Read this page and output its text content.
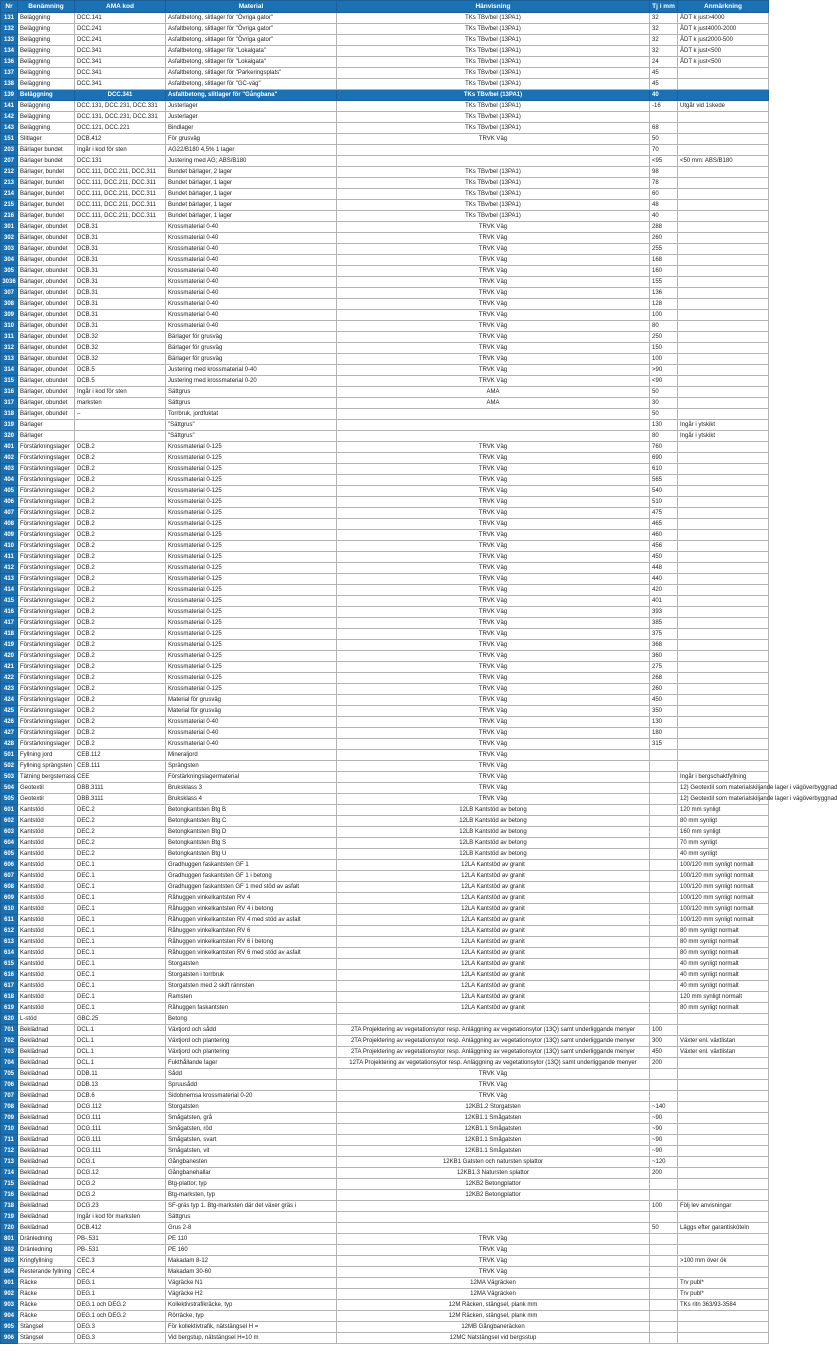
Nr	Benämning	AMA kod	Material	Hänvisning	Tj i mm	Anmärkning
131	Beläggning	DCC.141	Asfaltbetong, slitlager för "Övriga gator"	TKs TBv/bel (13PA1)	32	ÅDT k just>4000
132	Beläggning	DCC.241	Asfaltbetong, slitlager för "Övriga gator"	TKs TBv/bel (13PA1)	32	ÅDT k just4000-2000
133	Beläggning	DCC.241	Asfaltbetong, slitlager för "Övriga gator"	TKs TBv/bel (13PA1)	32	ÅDT k just2000-500
134	Beläggning	DCC.341	Asfaltbetong, slitlager för "Lokalgata"	TKs TBv/bel (13PA1)	32	ÅDT k just<500
136	Beläggning	DCC.341	Asfaltbetong, slitlager för "Lokalgata"	TKs TBv/bel (13PA1)	24	ÅDT k just<500
137	Beläggning	DCC.341	Asfaltbetong, slitlager för "Parkeringsplats"	TKs TBv/bel (13PA1)	45	
138	Beläggning	DCC.341	Asfaltbetong, slitlager för "GC-väg"	TKs TBv/bel (13PA1)	45	
139	Beläggning	DCC.341	Asfaltbetong, slitlager för "Gångbana"	TKs TBv/bel (13PA1)	40	
141	Beläggning	DCC.131, DCC.231, DCC.331	Justerlager	TKs TBv/bel (13PA1)	-16	Utgår vid 1skede
142	Beläggning	DCC.131, DCC.231, DCC.331	Justerlager	TKs TBv/bel (13PA1)		
143	Beläggning	DCC.121, DCC.221	Bindlager	TKs TBv/bel (13PA1)	68	
151	Slitlager	DCB.412	För grusväg	TRVK Väg	50	
203	Bärlager bundet	Ingår i kod för sten	AG22/B180 4,5% 1 lager		70	
207	Bärlager bundet	DCC.131	Justering med AG; ABS/B180		<95	<50 mm: ABS/B180
212	Bärlager, bundet	DCC.111, DCC.211, DCC.311	Bundet bärlager, 2 lager	TKs TBv/bel (13PA1)	98	
213	Bärlager, bundet	DCC.111, DCC.211, DCC.311	Bundet bärlager, 1 lager	TKs TBv/bel (13PA1)	78	
214	Bärlager, bundet	DCC.111, DCC.211, DCC.311	Bundet bärlager, 1 lager	TKs TBv/bel (13PA1)	60	
215	Bärlager, bundet	DCC.111, DCC.211, DCC.311	Bundet bärlager, 1 lager	TKs TBv/bel (13PA1)	48	
216	Bärlager, bundet	DCC.111, DCC.211, DCC.311	Bundet bärlager, 1 lager	TKs TBv/bel (13PA1)	40	
301	Bärlager, obundet	DCB.31	Krossmaterial 0-40	TRVK Väg	288	
302	Bärlager, obundet	DCB.31	Krossmaterial 0-40	TRVK Väg	260	
303	Bärlager, obundet	DCB.31	Krossmaterial 0-40	TRVK Väg	255	
304	Bärlager, obundet	DCB.31	Krossmaterial 0-40	TRVK Väg	168	
305	Bärlager, obundet	DCB.31	Krossmaterial 0-40	TRVK Väg	160	
3036	Bärlager, obundet	DCB.31	Krossmaterial 0-40	TRVK Väg	155	
307	Bärlager, obundet	DCB.31	Krossmaterial 0-40	TRVK Väg	136	
308	Bärlager, obundet	DCB.31	Krossmaterial 0-40	TRVK Väg	128	
309	Bärlager, obundet	DCB.31	Krossmaterial 0-40	TRVK Väg	100	
310	Bärlager, obundet	DCB.31	Krossmaterial 0-40	TRVK Väg	80	
311	Bärlager, obundet	DCB.32	Bärlager för grusväg	TRVK Väg	250	
312	Bärlager, obundet	DCB.32	Bärlager för grusväg	TRVK Väg	150	
313	Bärlager, obundet	DCB.32	Bärlager för grusväg	TRVK Väg	100	
314	Bärlager, obundet	DCB.5	Justering med krossmaterial 0-40	TRVK Väg	>90	
315	Bärlager, obundet	DCB.5	Justering med krossmaterial 0-20	TRVK Väg	<90	
316	Bärlager, obundet	Ingår i kod för sten	Sättgrus	AMA	50	
317	Bärlager, obundet	marksten	Sättgrus	AMA	30	
318	Bärlager, obundet	–	Torrbruk, jordfuktat		50	
319	Bärlager		"Sättgrus"		130	Ingår i ytskikt
320	Bärlager		"Sättgrus"		80	Ingår i ytskikt
401	Förstärkningslager	DCB.2	Krossmaterial 0-125	TRVK Väg	760	
402	Förstärkningslager	DCB.2	Krossmaterial 0-125	TRVK Väg	690	
403	Förstärkningslager	DCB.2	Krossmaterial 0-125	TRVK Väg	610	
404	Förstärkningslager	DCB.2	Krossmaterial 0-125	TRVK Väg	565	
405	Förstärkningslager	DCB.2	Krossmaterial 0-125	TRVK Väg	540	
406	Förstärkningslager	DCB.2	Krossmaterial 0-125	TRVK Väg	510	
407	Förstärkningslager	DCB.2	Krossmaterial 0-125	TRVK Väg	475	
408	Förstärkningslager	DCB.2	Krossmaterial 0-125	TRVK Väg	465	
409	Förstärkningslager	DCB.2	Krossmaterial 0-125	TRVK Väg	460	
410	Förstärkningslager	DCB.2	Krossmaterial 0-125	TRVK Väg	456	
411	Förstärkningslager	DCB.2	Krossmaterial 0-125	TRVK Väg	450	
412	Förstärkningslager	DCB.2	Krossmaterial 0-125	TRVK Väg	448	
413	Förstärkningslager	DCB.2	Krossmaterial 0-125	TRVK Väg	440	
414	Förstärkningslager	DCB.2	Krossmaterial 0-125	TRVK Väg	420	
415	Förstärkningslager	DCB.2	Krossmaterial 0-125	TRVK Väg	401	
416	Förstärkningslager	DCB.2	Krossmaterial 0-125	TRVK Väg	393	
417	Förstärkningslager	DCB.2	Krossmaterial 0-125	TRVK Väg	385	
418	Förstärkningslager	DCB.2	Krossmaterial 0-125	TRVK Väg	375	
419	Förstärkningslager	DCB.2	Krossmaterial 0-125	TRVK Väg	368	
420	Förstärkningslager	DCB.2	Krossmaterial 0-125	TRVK Väg	360	
421	Förstärkningslager	DCB.2	Krossmaterial 0-125	TRVK Väg	275	
422	Förstärkningslager	DCB.2	Krossmaterial 0-125	TRVK Väg	268	
423	Förstärkningslager	DCB.2	Krossmaterial 0-125	TRVK Väg	260	
424	Förstärkningslager	DCB.2	Material för grusväg	TRVK Väg	450	
425	Förstärkningslager	DCB.2	Material för grusväg	TRVK Väg	350	
426	Förstärkningslager	DCB.2	Krossmaterial 0-40	TRVK Väg	130	
427	Förstärkningslager	DCB.2	Krossmaterial 0-40	TRVK Väg	180	
428	Förstärkningslager	DCB.2	Krossmaterial 0-40	TRVK Väg	315	
501	Fyllning jord	CEB.112	Mineraljord	TRVK Väg		
502	Fyllning sprängsten	CEB.111	Sprängsten	TRVK Väg		
503	Tätning bergsterrass	CEE	Förstärkningslagermaterial	TRVK Väg		Ingår i bergschaktfyllning
504	Geotextil	DBB.3111	Bruksklass 3	TRVK Väg		12) Geotextil som materialskiljande lager i vägöverbyggnad
505	Geotextil	DBB.3111	Bruksklass 4	TRVK Väg		12) Geotextil som materialskiljande lager i vägöverbyggnad
601	Kantstöd	DEC.2	Betongkantsten Btg B	12LB Kantstöd av betong		120 mm synligt
602	Kantstöd	DEC.2	Betongkantsten Btg C	12LB Kantstöd av betong		80 mm synligt
603	Kantstöd	DEC.2	Betongkantsten Btg D	12LB Kantstöd av betong		160 mm synligt
604	Kantstöd	DEC.2	Betongkantsten Btg S	12LB Kantstöd av betong		70 mm synligt
605	Kantstöd	DEC.2	Betongkantsten Btg U	12LB Kantstöd av betong		40 mm synligt
606	Kantstöd	DEC.1	Gradhuggen faskantsten GF 1	12LA Kantstöd av granit		100/120 mm synligt normalt
607	Kantstöd	DEC.1	Gradhuggen faskantsten GF 1 i betong	12LA Kantstöd av granit		100/120 mm synligt normalt
608	Kantstöd	DEC.1	Gradhuggen faskantsten GF 1 med stöd av asfalt	12LA Kantstöd av granit		100/120 mm synligt normalt
609	Kantstöd	DEC.1	Råhuggen vinkelkantsten RV 4	12LA Kantstöd av granit		100/120 mm synligt normalt
610	Kantstöd	DEC.1	Råhuggen vinkelkantsten RV 4 i betong	12LA Kantstöd av granit		100/120 mm synligt normalt
611	Kantstöd	DEC.1	Råhuggen vinkelkantsten RV 4 med stöd av asfalt	12LA Kantstöd av granit		100/120 mm synligt normalt
612	Kantstöd	DEC.1	Råhuggen vinkelkantsten RV 6	12LA Kantstöd av granit		80 mm synligt normalt
613	Kantstöd	DEC.1	Råhuggen vinkelkantsten RV 6 i betong	12LA Kantstöd av granit		80 mm synligt normalt
614	Kantstöd	DEC.1	Råhuggen vinkelkantsten RV 6 med stöd av asfalt	12LA Kantstöd av granit		80 mm synligt normalt
615	Kantstöd	DEC.1	Storgatsten	12LA Kantstöd av granit		40 mm synligt normalt
616	Kantstöd	DEC.1	Storgatsten i torrbruk	12LA Kantstöd av granit		40 mm synligt normalt
617	Kantstöd	DEC.1	Storgatsten med 2 skift rännsten	12LA Kantstöd av granit		40 mm synligt normalt
618	Kantstöd	DEC.1	Ramsten	12LA Kantstöd av granit		120 mm synligt normalt
619	Kantstöd	DEC.1	Råhuggen faskantsten	12LA Kantstöd av granit		80 mm synligt normalt
620	L-stöd	GBC.25	Betong			
701	Beklädnad	DCL.1	Växtjord och sådd	2TA Projektering av vegetationsytor resp. Anläggning av vegetationsytor (13Q) samt underliggande menyer	100	
702	Beklädnad	DCL.1	Växtjord och plantering	2TA Projektering av vegetationsytor resp. Anläggning av vegetationsytor (13Q) samt underliggande menyer	300	Växter enl. växtlistan
703	Beklädnad	DCL.1	Växtjord och plantering	2TA Projektering av vegetationsytor resp. Anläggning av vegetationsytor (13Q) samt underliggande menyer	450	Växter enl. växtlistan
704	Beklädnad	DCL.1	Fukthållande lager	12TA Projektering av vegetationsytor resp. Anläggning av vegetationsytor (13Q) samt underliggande menyer	200	
705	Beklädnad	DDB.11	Sådd	TRVK Väg		
706	Beklädnad	DDB.13	Spruusådd	TRVK Väg		
707	Beklädnad	DCB.6	Sidobnemsa krossmaterial 0-20	TRVK Väg		
708	Beklädnad	DCG.112	Storgatsten	12KB1.2 Storgatsten	~140	
709	Beklädnad	DCG.111	Smågatsten, grå	12KB1.1 Smågatsten	~90	
710	Beklädnad	DCG.111	Smågatsten, röd	12KB1.1 Smågatsten	~90	
711	Beklädnad	DCG.111	Smågatsten, svart	12KB1.1 Smågatsten	~90	
712	Beklädnad	DCG.111	Smågatsten, vit	12KB1.1 Smågatsten	~90	
713	Beklädnad	DCG.1	Gångbanesten	12KB1 Gatsten och natursten splattor	~120	
714	Beklädnad	DCG.12	Gångbanehallar	12KB1.3 Natursten splattor	200	
715	Beklädnad	DCG.2	Btg-plattor, typ	12KB2 Betongplattor		
716	Beklädnad	DCG.2	Btg-marksten, typ	12KB2 Betongplattor		
718	Beklädnad	DCG.23	SF-gräs typ 1. Btg-marksten där det växer gräs i		100	Följ lev anvisningar
719	Beklädnad	Ingår i kod för marksten	Sättgrus			
720	Beklädnad	DCB.412	Grus 2-8		50	Läggs efter garantisköteln
801	Dränledning	PB-.531	PE 110	TRVK Väg		
802	Dränledning	PB-.531	PE 160	TRVK Väg		
803	Kringfyllning	CEC.3	Makadam 8-12	TRVK Väg		>100 mm över ök
804	Resterande fyllning	CEC.4	Makadam 30-60	TRVK Väg		
901	Räcke	DEG.1	Vägräcke N1	12MA Vägräcken		Trv publ*
902	Räcke	DEG.1	Vägräcke H2	12MA Vägräcken		Trv publ*
903	Räcke	DEG.1 och DEG.2	Kollektivstrafikräcke, typ	12M Räcken, stängsel, plank mm		TKs ritn 363/93-3584
904	Räcke	DEG.1 och DEG.2	Rörräcke, typ	12M Räcken, stängsel, plank mm		
905	Stängsel	DEG.3	För kollektivtrafik, nätstängsel H =	12MB Gångbaneräcken		
906	Stängsel	DEG.3	Vid bergstup, nätstängsel H=10 m	12MC Natstängsel vid bergsstup		
